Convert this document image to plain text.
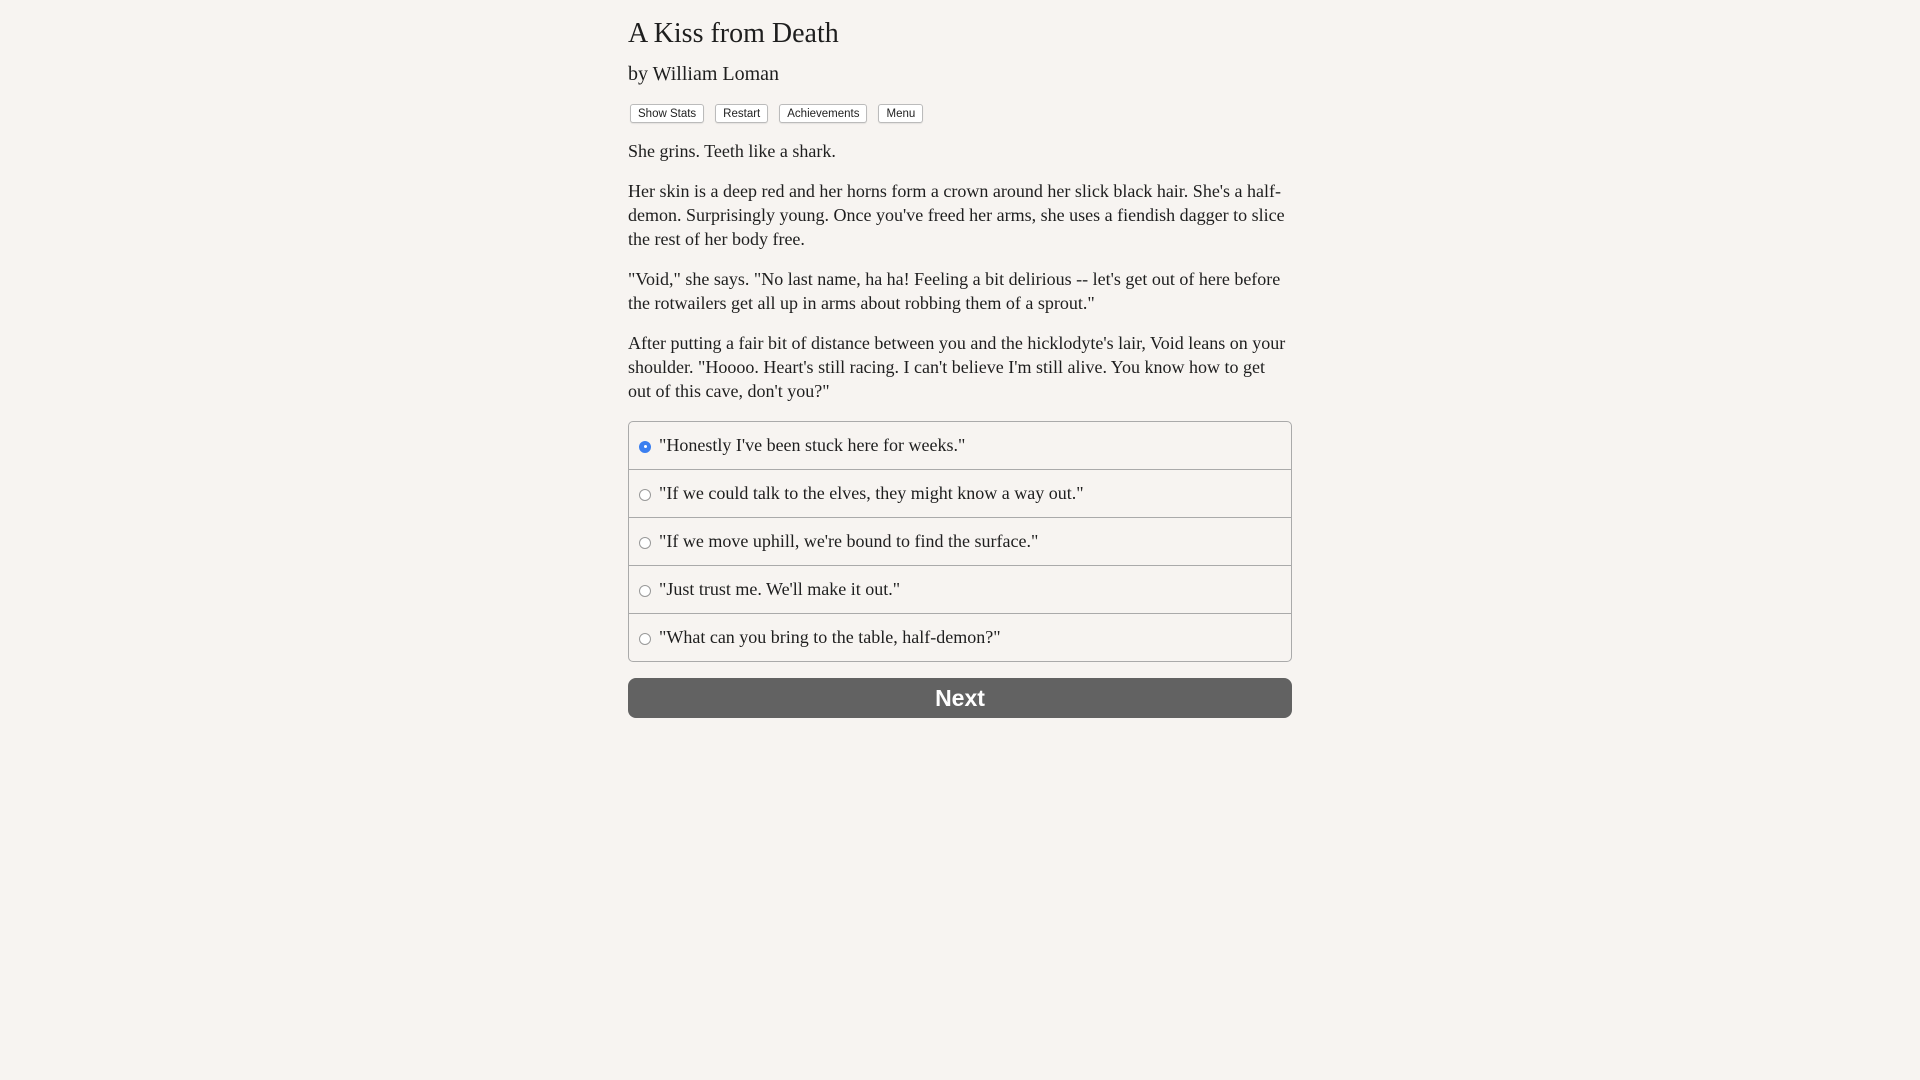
A Kiss from Death
by William Loman
Show Stats	Restart	Achievements	Menu

She grins. Teeth like a shark.

Her skin is a deep red and her horns form a crown around her slick black hair. She's a half-demon. Surprisingly young. Once you've freed her arms, she uses a fiendish dagger to slice the rest of her body free.

"Void," she says. "No last name, ha ha! Feeling a bit delirious -- let's get out of here before the rotwailers get all up in arms about robbing them of a sprout."

After putting a fair bit of distance between you and the hicklodyte's lair, Void leans on your shoulder. "Hoooo. Heart's still racing. I can't believe I'm still alive. You know how to get out of this cave, don't you?"

"Honestly I've been stuck here for weeks."
"If we could talk to the elves, they might know a way out."
"If we move uphill, we're bound to find the surface."
"Just trust me. We'll make it out."
"What can you bring to the table, half-demon?"
Next
